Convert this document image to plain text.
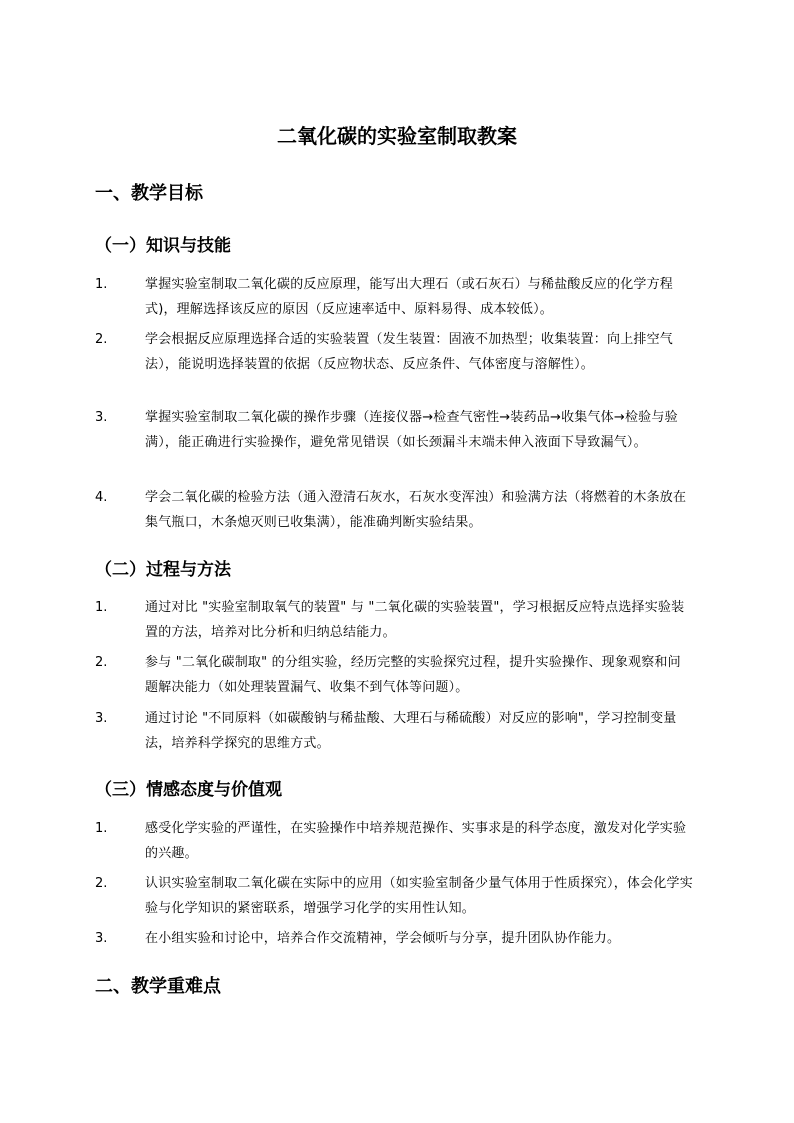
二氧化碳的实验室制取教案
一、教学目标
（一）知识与技能
1.	掌握实验室制取二氧化碳的反应原理，能写出大理石（或石灰石）与稀盐酸反应的化学方程式)，理解选择该反应的原因（反应速率适中、原料易得、成本较低）。
2.	学会根据反应原理选择合适的实验装置（发生装置：固液不加热型；收集装置：向上排空气法），能说明选择装置的依据（反应物状态、反应条件、气体密度与溶解性）。
3.	掌握实验室制取二氧化碳的操作步骤（连接仪器→检查气密性→装药品→收集气体→检验与验满），能正确进行实验操作，避免常见错误（如长颈漏斗末端未伸入液面下导致漏气）。
4.	学会二氧化碳的检验方法（通入澄清石灰水，石灰水变浑浊）和验满方法（将燃着的木条放在集气瓶口，木条熄灭则已收集满），能准确判断实验结果。
（二）过程与方法
1.	通过对比 "实验室制取氧气的装置" 与 "二氧化碳的实验装置"，学习根据反应特点选择实验装置的方法，培养对比分析和归纳总结能力。
2.	参与 "二氧化碳制取" 的分组实验，经历完整的实验探究过程，提升实验操作、现象观察和问题解决能力（如处理装置漏气、收集不到气体等问题）。
3.	通过讨论 "不同原料（如碳酸钠与稀盐酸、大理石与稀硫酸）对反应的影响"，学习控制变量法，培养科学探究的思维方式。
（三）情感态度与价值观
1.	感受化学实验的严谨性，在实验操作中培养规范操作、实事求是的科学态度，激发对化学实验的兴趣。
2.	认识实验室制取二氧化碳在实际中的应用（如实验室制备少量气体用于性质探究），体会化学实验与化学知识的紧密联系，增强学习化学的实用性认知。
3.	在小组实验和讨论中，培养合作交流精神，学会倾听与分享，提升团队协作能力。
二、教学重难点
